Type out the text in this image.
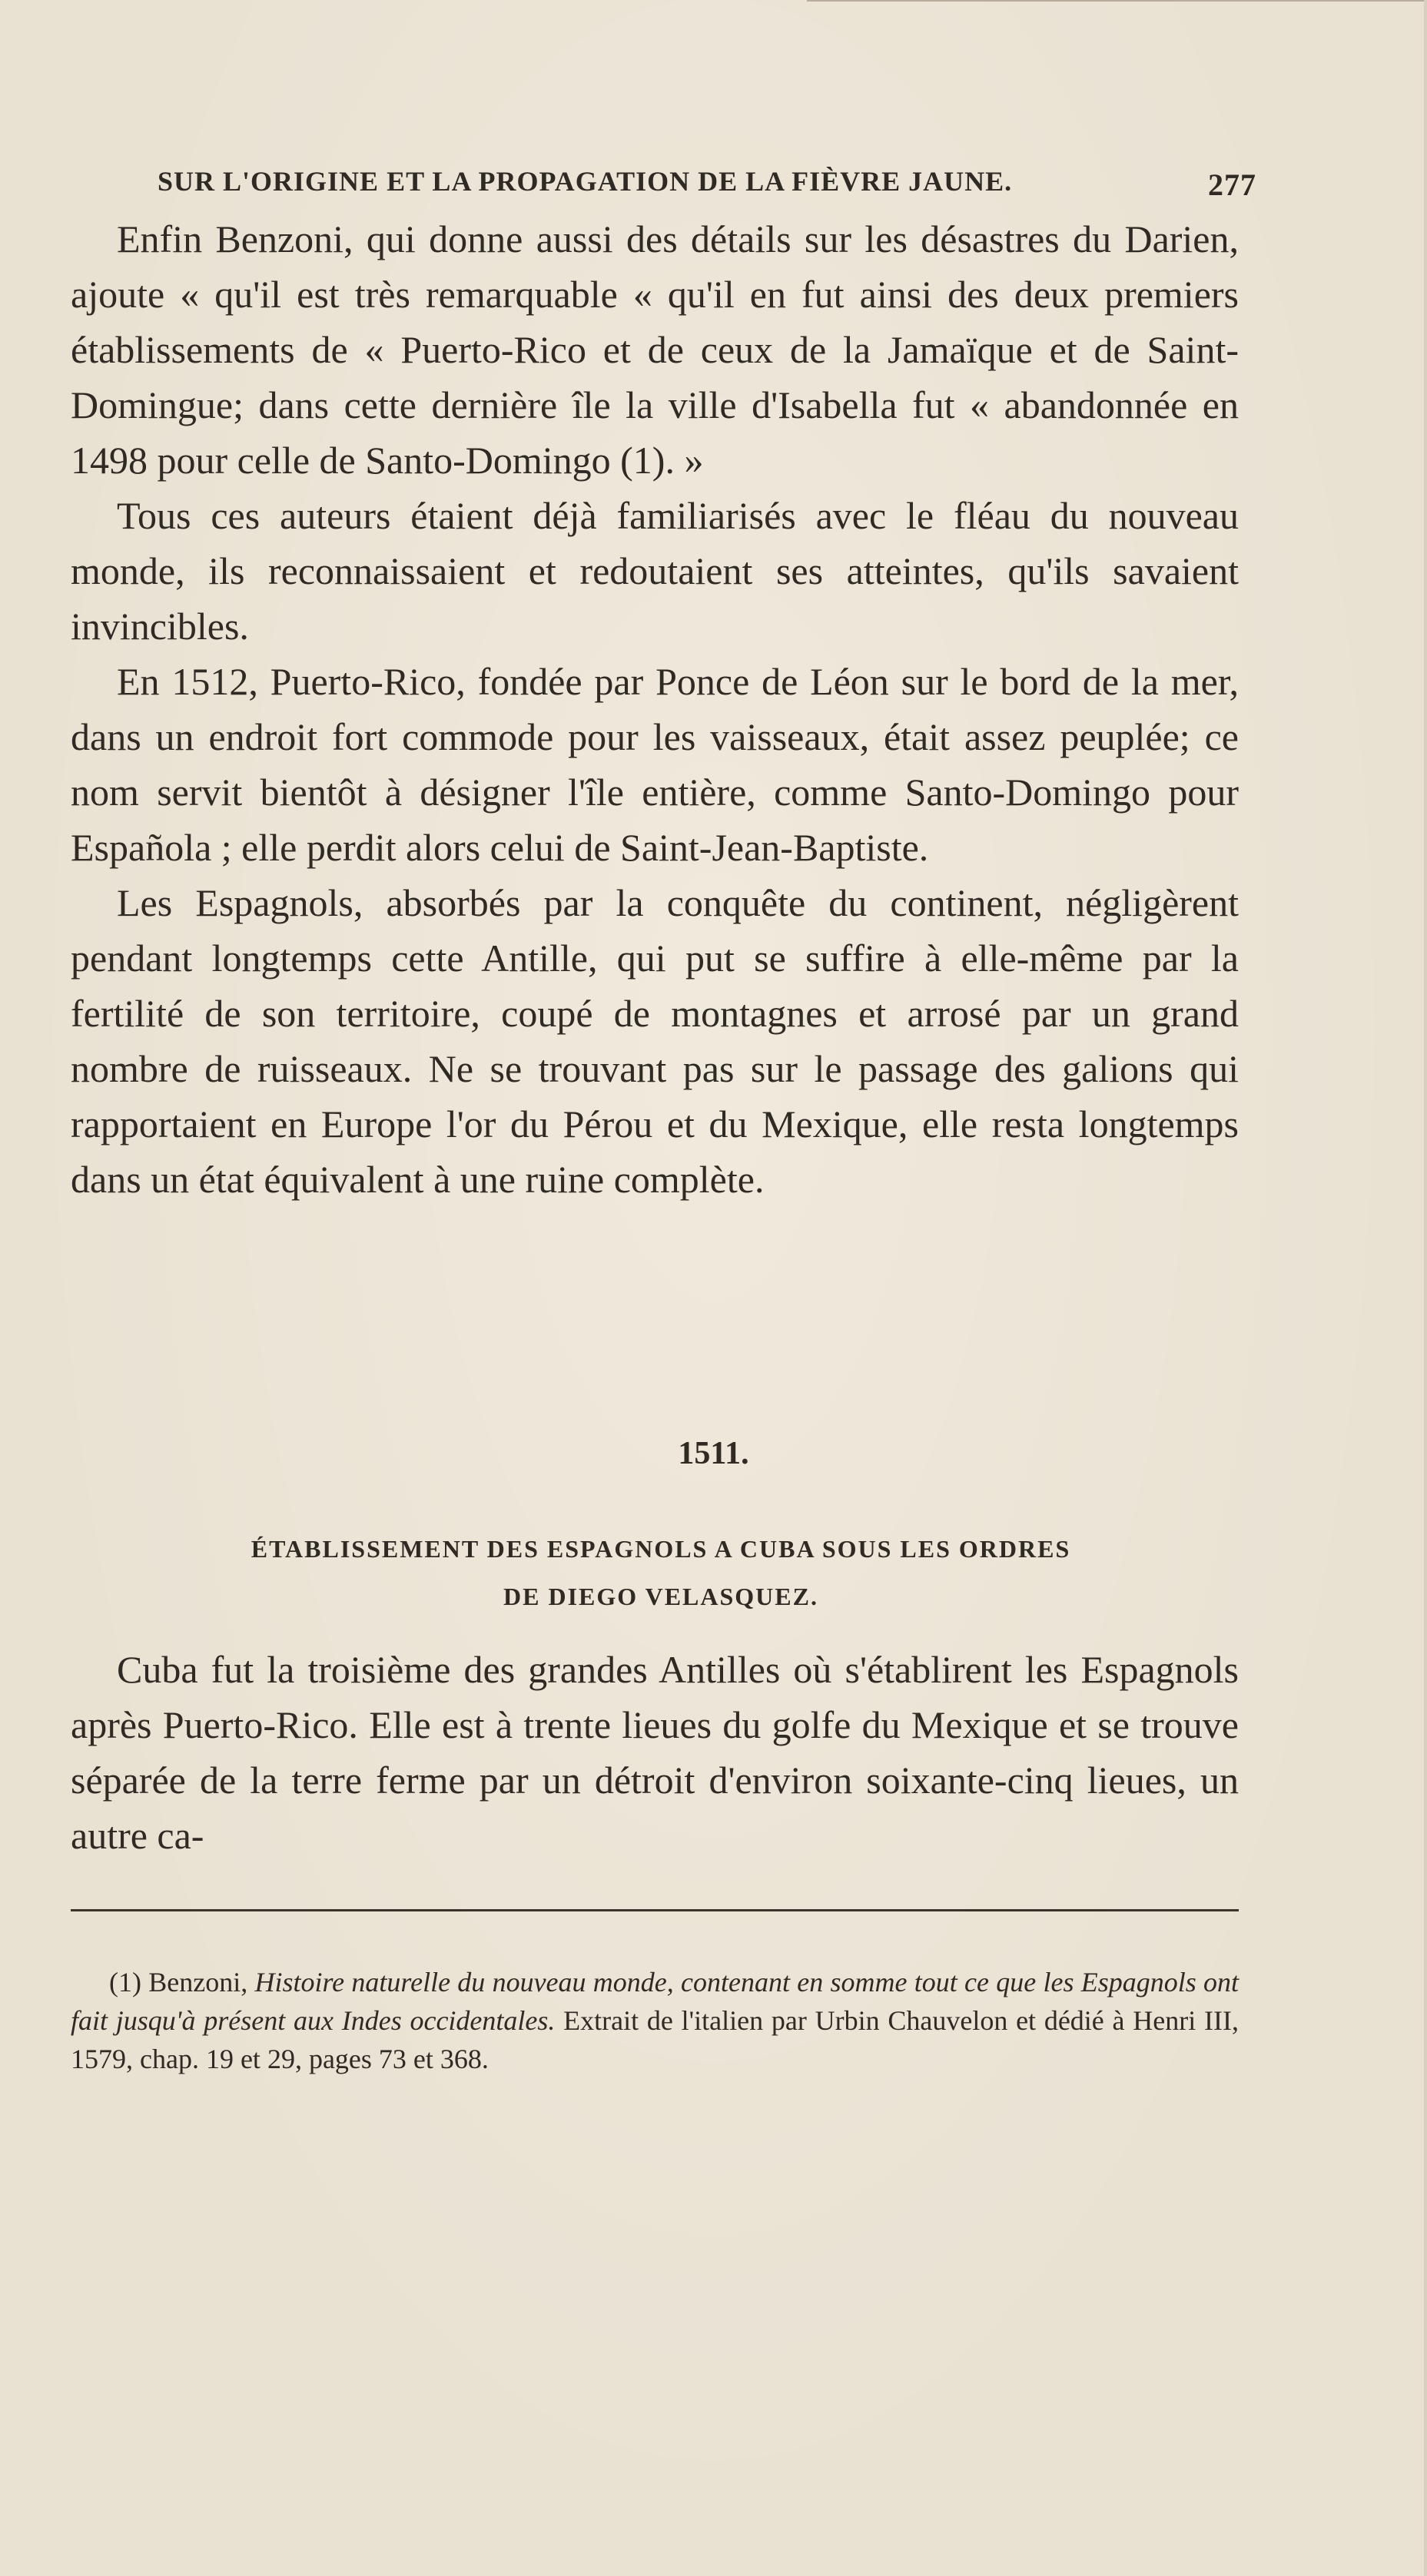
SUR L'ORIGINE ET LA PROPAGATION DE LA FIÈVRE JAUNE.	277

Enfin Benzoni, qui donne aussi des détails sur les désastres du Darien, ajoute « qu'il est très remarquable « qu'il en fut ainsi des deux premiers établissements de « Puerto-Rico et de ceux de la Jamaïque et de Saint-Domingue; dans cette dernière île la ville d'Isabella fut « abandonnée en 1498 pour celle de Santo-Domingo (1). »

Tous ces auteurs étaient déjà familiarisés avec le fléau du nouveau monde, ils reconnaissaient et redoutaient ses atteintes, qu'ils savaient invincibles.

En 1512, Puerto-Rico, fondée par Ponce de Léon sur le bord de la mer, dans un endroit fort commode pour les vaisseaux, était assez peuplée; ce nom servit bientôt à désigner l'île entière, comme Santo-Domingo pour Española ; elle perdit alors celui de Saint-Jean-Baptiste.

Les Espagnols, absorbés par la conquête du continent, négligèrent pendant longtemps cette Antille, qui put se suffire à elle-même par la fertilité de son territoire, coupé de montagnes et arrosé par un grand nombre de ruisseaux. Ne se trouvant pas sur le passage des galions qui rapportaient en Europe l'or du Pérou et du Mexique, elle resta longtemps dans un état équivalent à une ruine complète.

1511.
ÉTABLISSEMENT DES ESPAGNOLS A CUBA SOUS LES ORDRES
DE DIEGO VELASQUEZ.

Cuba fut la troisième des grandes Antilles où s'établirent les Espagnols après Puerto-Rico. Elle est à trente lieues du golfe du Mexique et se trouve séparée de la terre ferme par un détroit d'environ soixante-cinq lieues, un autre ca-

(1) Benzoni, Histoire naturelle du nouveau monde, contenant en somme tout ce que les Espagnols ont fait jusqu'à présent aux Indes occidentales. Extrait de l'italien par Urbin Chauvelon et dédié à Henri III, 1579, chap. 19 et 29, pages 73 et 368.
